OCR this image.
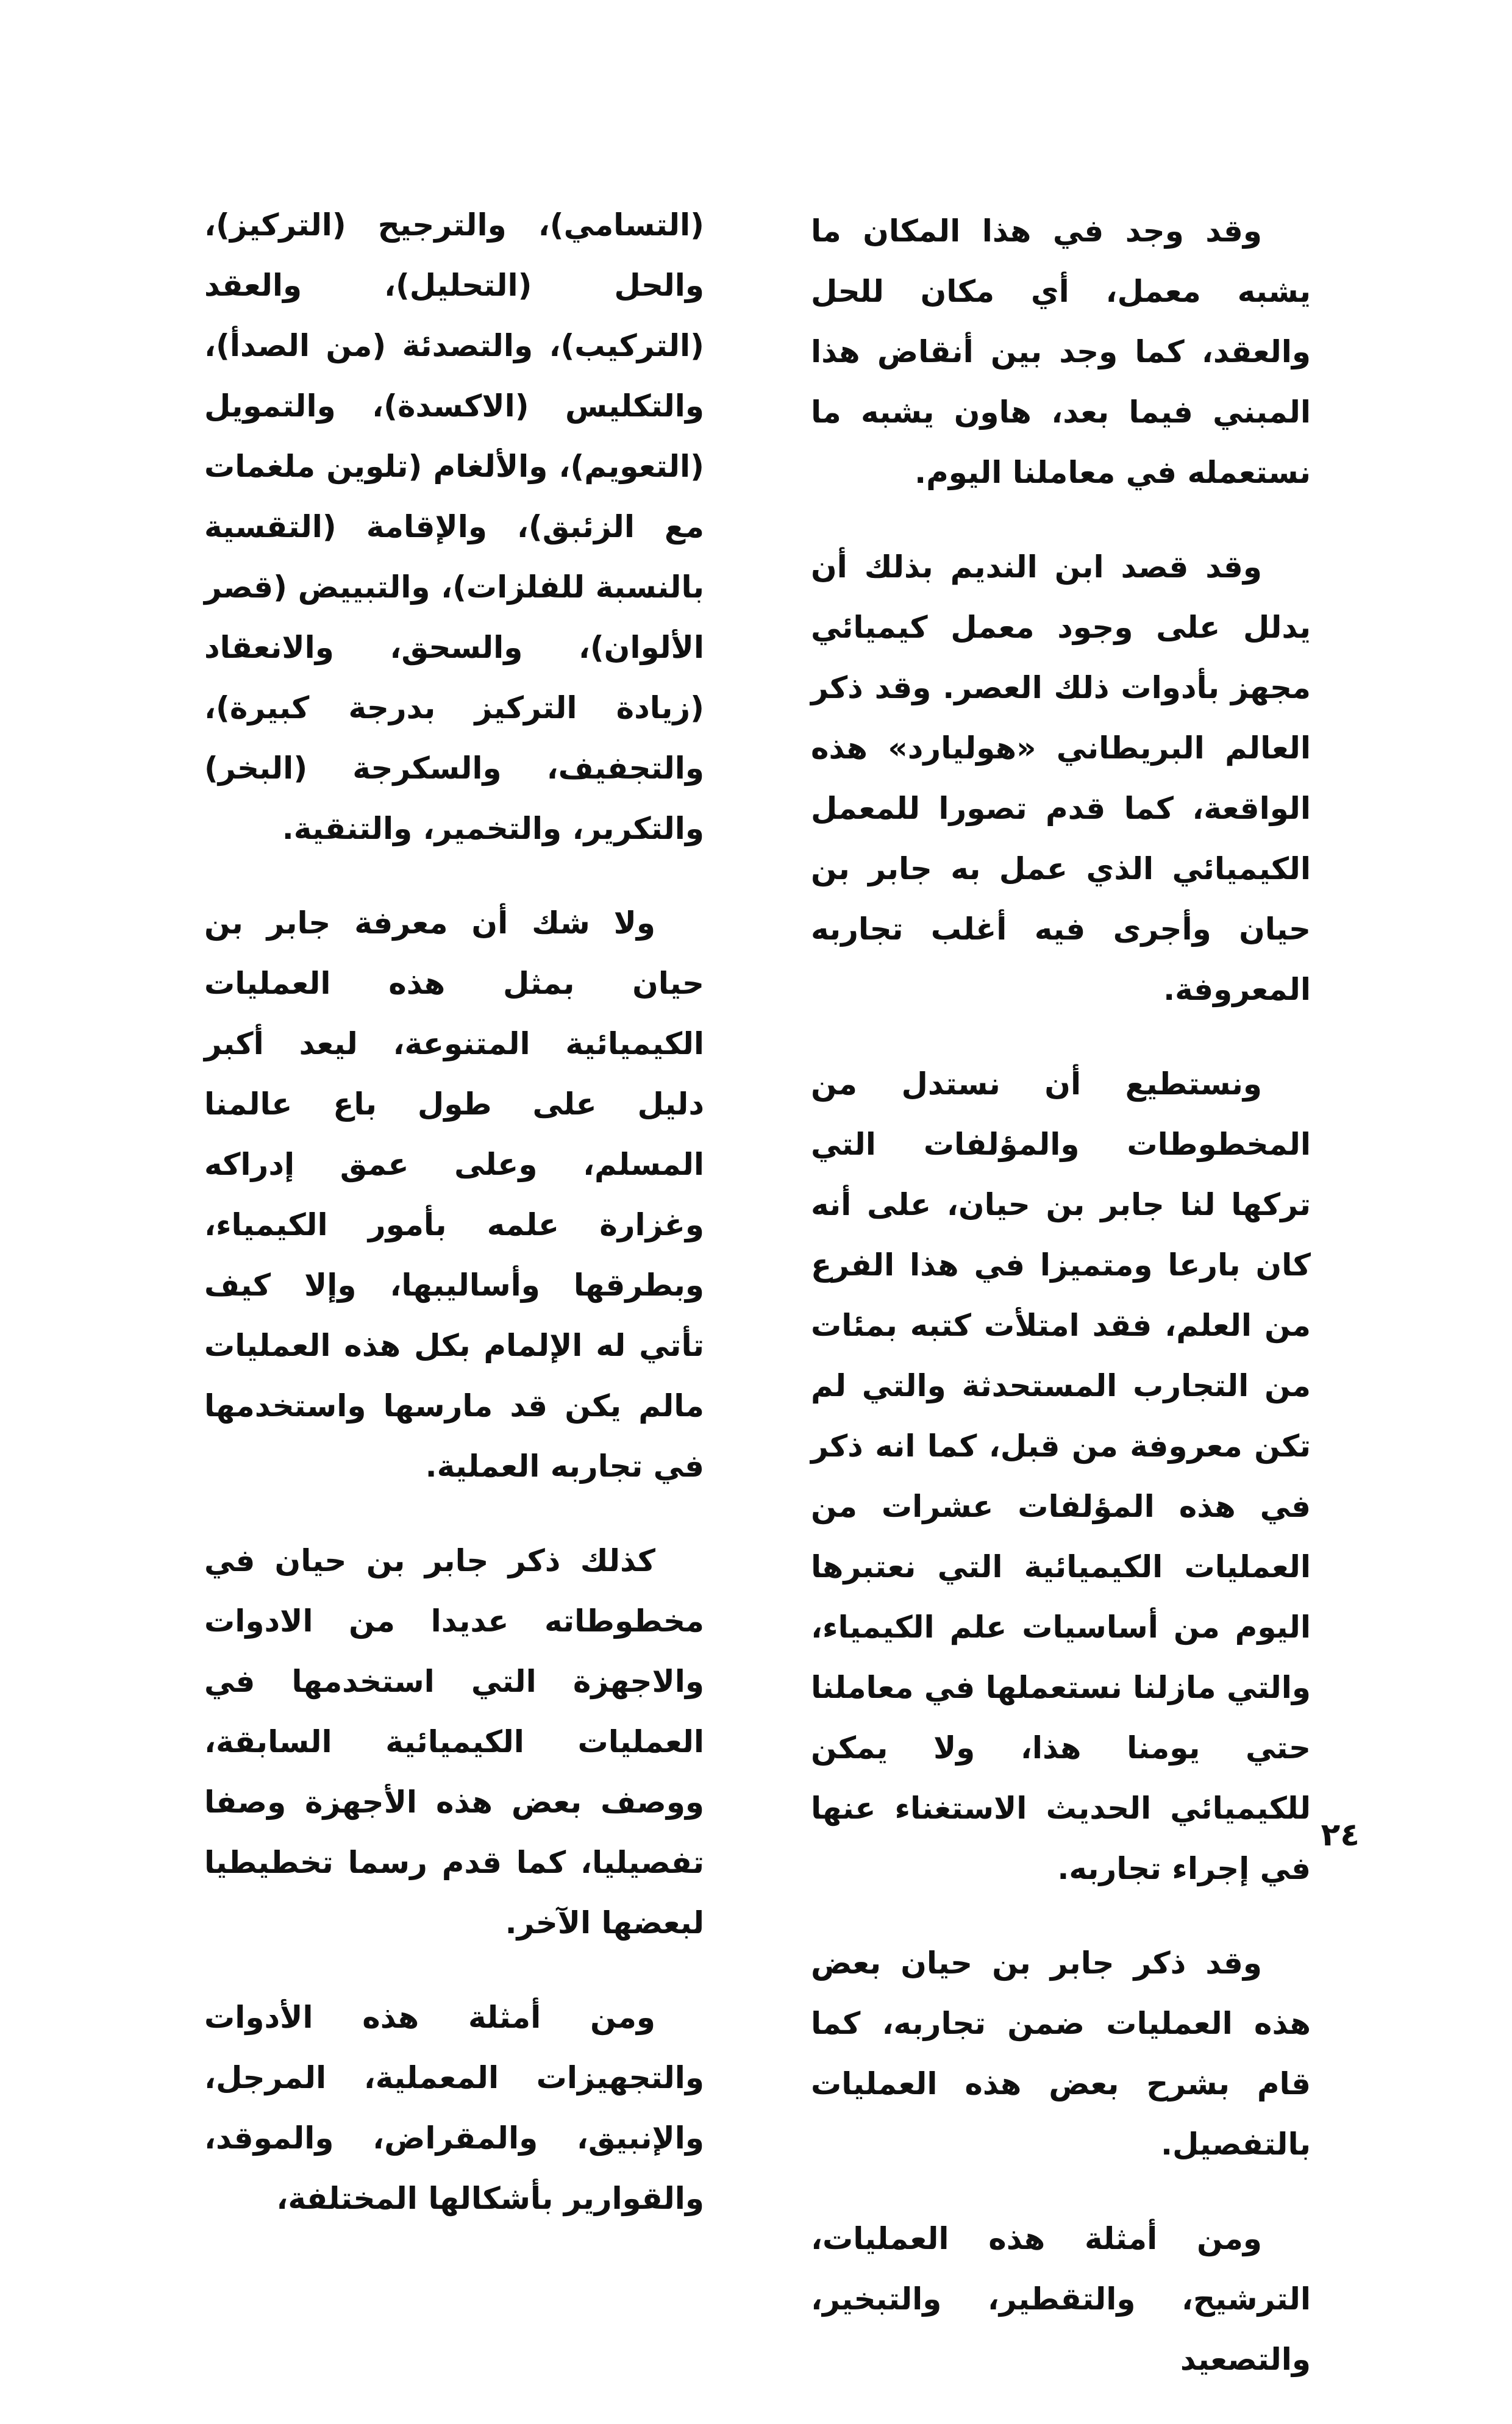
وقد وجد في هذا المكان ما يشبه معمل، أي مكان للحل والعقد، كما وجد بين أنقاض هذا المبني فيما بعد، هاون يشبه ما نستعمله في معاملنا اليوم.

وقد قصد ابن النديم بذلك أن يدلل على وجود معمل كيميائي مجهز بأدوات ذلك العصر. وقد ذكر العالم البريطاني «هوليارد» هذه الواقعة، كما قدم تصورا للمعمل الكيميائي الذي عمل به جابر بن حيان وأجرى فيه أغلب تجاربه المعروفة.

ونستطيع أن نستدل من المخطوطات والمؤلفات التي تركها لنا جابر بن حيان، على أنه كان بارعا ومتميزا في هذا الفرع من العلم، فقد امتلأت كتبه بمئات من التجارب المستحدثة والتي لم تكن معروفة من قبل، كما انه ذكر في هذه المؤلفات عشرات من العمليات الكيميائية التي نعتبرها اليوم من أساسيات علم الكيمياء، والتي مازلنا نستعملها في معاملنا حتي يومنا هذا، ولا يمكن للكيميائي الحديث الاستغناء عنها في إجراء تجاربه.

وقد ذكر جابر بن حيان بعض هذه العمليات ضمن تجاربه، كما قام بشرح بعض هذه العمليات بالتفصيل.

ومن أمثلة هذه العمليات، الترشيح، والتقطير، والتبخير، والتصعيد

(التسامي)، والترجيح (التركيز)، والحل (التحليل)، والعقد (التركيب)، والتصدئة (من الصدأ)، والتكليس (الاكسدة)، والتمويل (التعويم)، والألغام (تلوين ملغمات مع الزئبق)، والإقامة (التقسية بالنسبة للفلزات)، والتبييض (قصر الألوان)، والسحق، والانعقاد (زيادة التركيز بدرجة كبيرة)، والتجفيف، والسكرجة (البخر) والتكرير، والتخمير، والتنقية.

ولا شك أن معرفة جابر بن حيان بمثل هذه العمليات الكيميائية المتنوعة، ليعد أكبر دليل على طول باع عالمنا المسلم، وعلى عمق إدراكه وغزارة علمه بأمور الكيمياء، وبطرقها وأساليبها، وإلا كيف تأتي له الإلمام بكل هذه العمليات مالم يكن قد مارسها واستخدمها في تجاربه العملية.

كذلك ذكر جابر بن حيان في مخطوطاته عديدا من الادوات والاجهزة التي استخدمها في العمليات الكيميائية السابقة، ووصف بعض هذه الأجهزة وصفا تفصيليا، كما قدم رسما تخطيطيا لبعضها الآخر.

ومن أمثلة هذه الأدوات والتجهيزات المعملية، المرجل، والإنبيق، والمقراض، والموقد، والقوارير بأشكالها المختلفة،

٢٤
